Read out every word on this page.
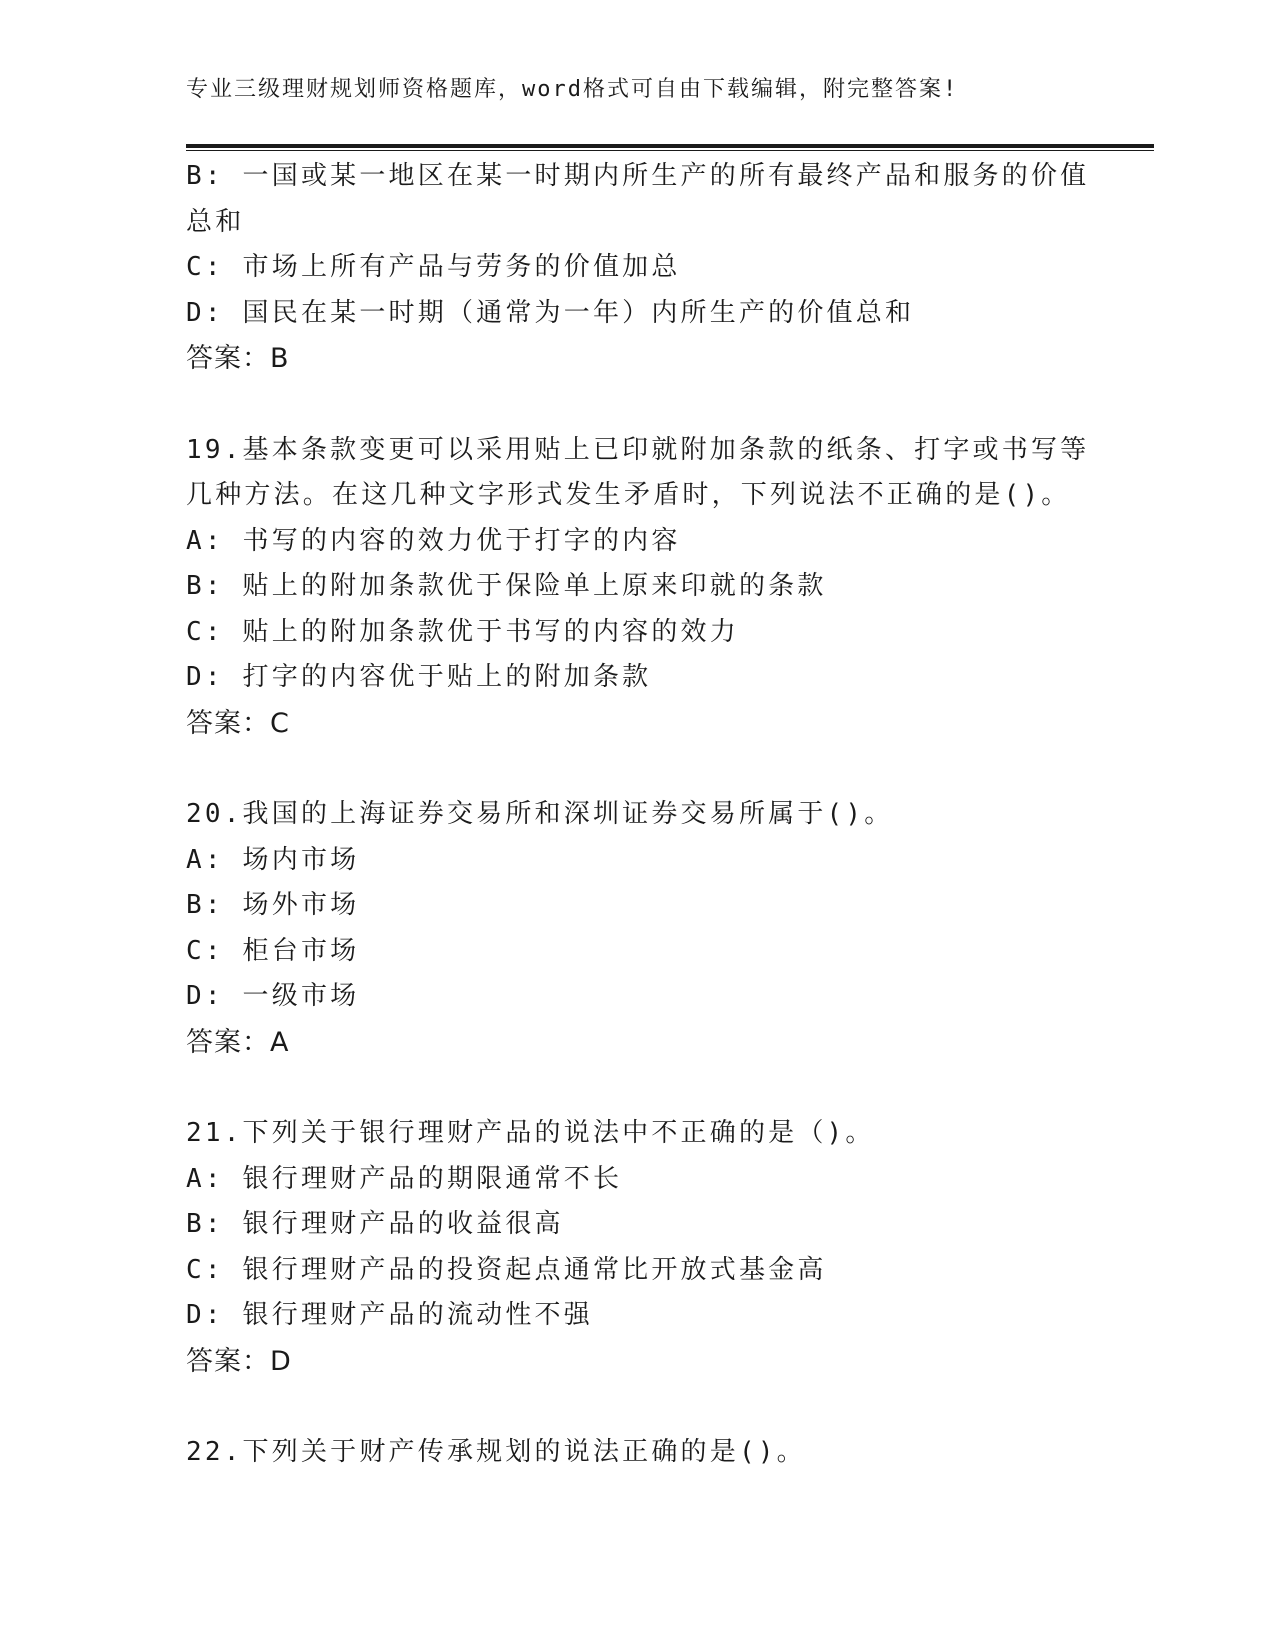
专业三级理财规划师资格题库，word格式可自由下载编辑，附完整答案!
B: 一国或某一地区在某一时期内所生产的所有最终产品和服务的价值
总和
C: 市场上所有产品与劳务的价值加总
D: 国民在某一时期（通常为一年）内所生产的价值总和
答案：B
19.基本条款变更可以采用贴上已印就附加条款的纸条、打字或书写等
几种方法。在这几种文字形式发生矛盾时，下列说法不正确的是()。
A: 书写的内容的效力优于打字的内容
B: 贴上的附加条款优于保险单上原来印就的条款
C: 贴上的附加条款优于书写的内容的效力
D: 打字的内容优于贴上的附加条款
答案：C
20.我国的上海证券交易所和深圳证券交易所属于()。
A: 场内市场
B: 场外市场
C: 柜台市场
D: 一级市场
答案：A
21.下列关于银行理财产品的说法中不正确的是（)。
A: 银行理财产品的期限通常不长
B: 银行理财产品的收益很高
C: 银行理财产品的投资起点通常比开放式基金高
D: 银行理财产品的流动性不强
答案：D
22.下列关于财产传承规划的说法正确的是()。
